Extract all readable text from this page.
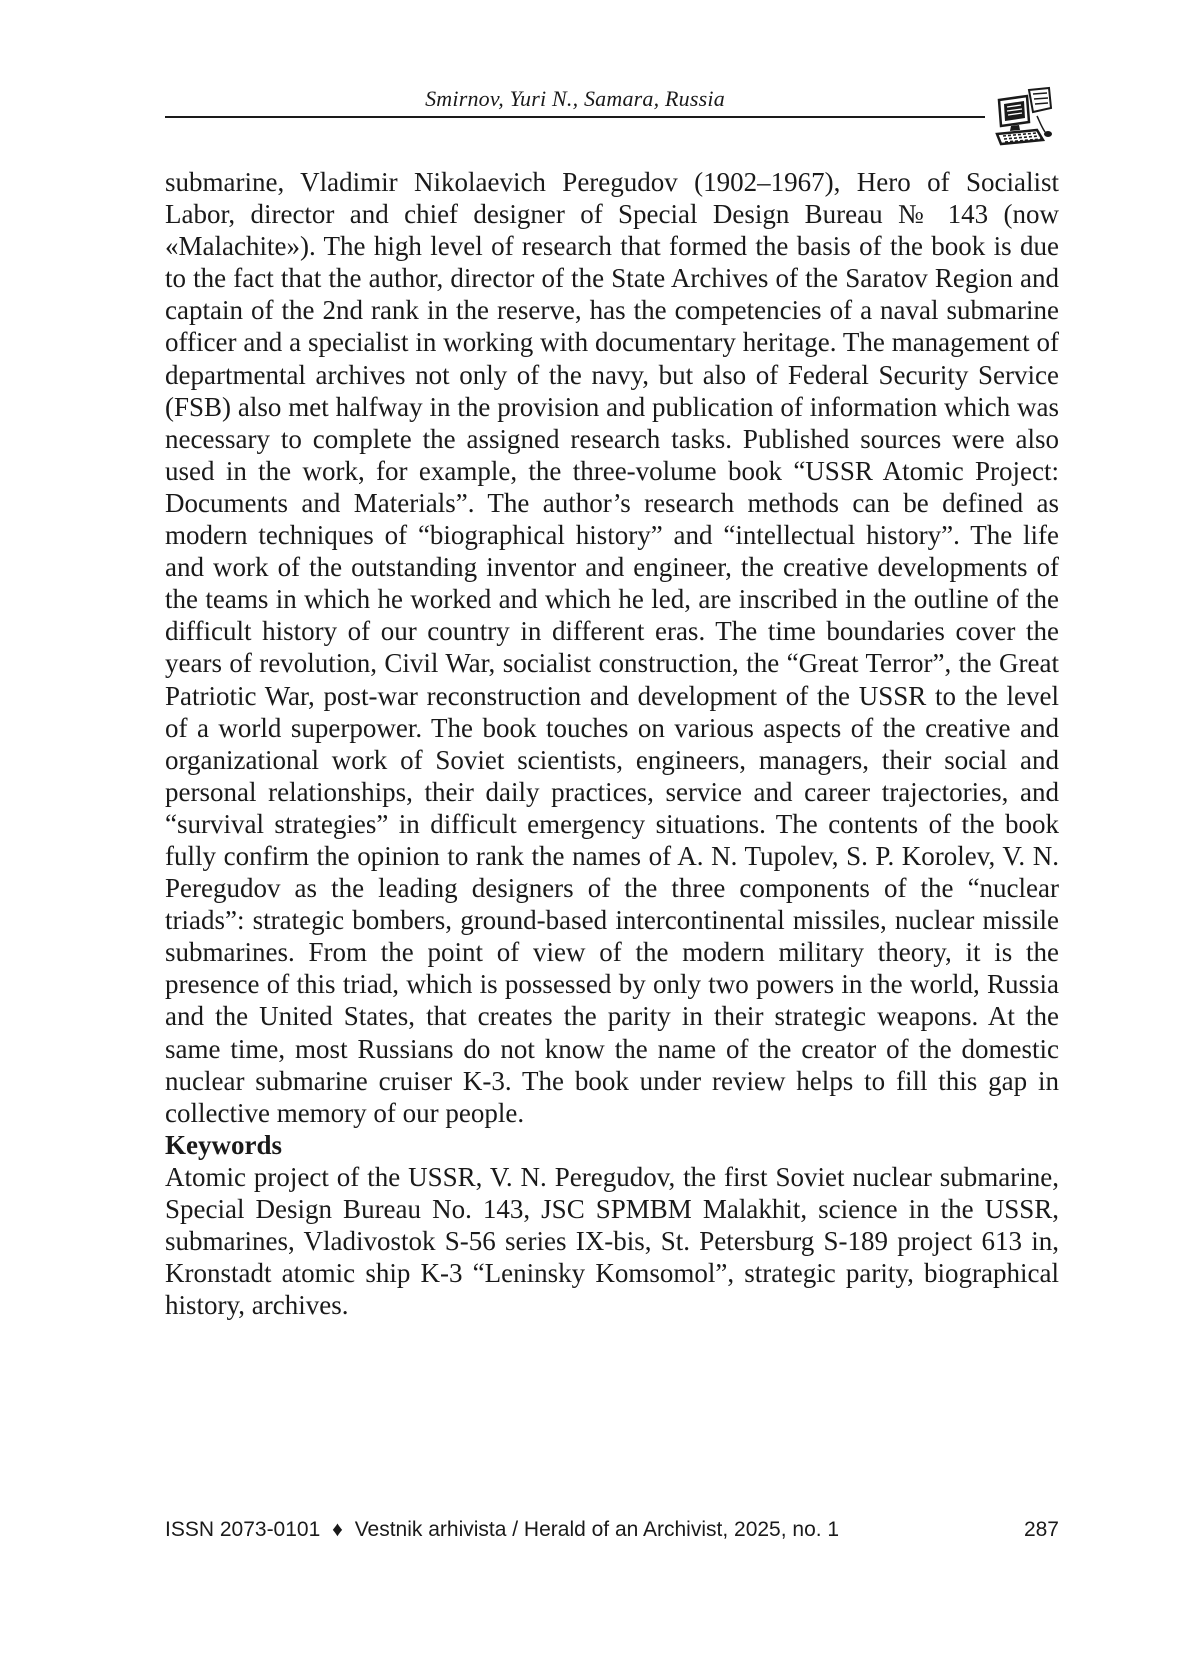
Smirnov, Yuri N., Samara, Russia

submarine, Vladimir Nikolaevich Peregudov (1902–1967), Hero of Socialist Labor, director and chief designer of Special Design Bureau № 143 (now «Malachite»). The high level of research that formed the basis of the book is due to the fact that the author, director of the State Archives of the Saratov Region and captain of the 2nd rank in the reserve, has the competencies of a naval submarine officer and a specialist in working with documentary heritage. The management of departmental archives not only of the navy, but also of Federal Security Service (FSB) also met halfway in the provision and publication of information which was necessary to complete the assigned research tasks. Published sources were also used in the work, for example, the three-volume book “USSR Atomic Project: Documents and Materials”. The author’s research methods can be defined as modern techniques of “biographical history” and “intellectual history”. The life and work of the outstanding inventor and engineer, the creative developments of the teams in which he worked and which he led, are inscribed in the outline of the difficult history of our country in different eras. The time boundaries cover the years of revolution, Civil War, socialist construction, the “Great Terror”, the Great Patriotic War, post-war reconstruction and development of the USSR to the level of a world superpower. The book touches on various aspects of the creative and organizational work of Soviet scientists, engineers, managers, their social and personal relationships, their daily practices, service and career trajectories, and “survival strategies” in difficult emergency situations. The contents of the book fully confirm the opinion to rank the names of A. N. Tupolev, S. P. Korolev, V. N. Peregudov as the leading designers of the three components of the “nuclear triads”: strategic bombers, ground-based intercontinental missiles, nuclear missile submarines. From the point of view of the modern military theory, it is the presence of this triad, which is possessed by only two powers in the world, Russia and the United States, that creates the parity in their strategic weapons. At the same time, most Russians do not know the name of the creator of the domestic nuclear submarine cruiser K-3. The book under review helps to fill this gap in collective memory of our people.

Keywords

Atomic project of the USSR, V. N. Peregudov, the first Soviet nuclear submarine, Special Design Bureau No. 143, JSC SPMBM Malakhit, science in the USSR, submarines, Vladivostok S-56 series IX-bis, St. Petersburg S-189 project 613 in, Kronstadt atomic ship K-3 “Leninsky Komsomol”, strategic parity, biographical history, archives.

ISSN 2073-0101 ♦ Vestnik arhivista / Herald of an Archivist, 2025, no. 1	287
